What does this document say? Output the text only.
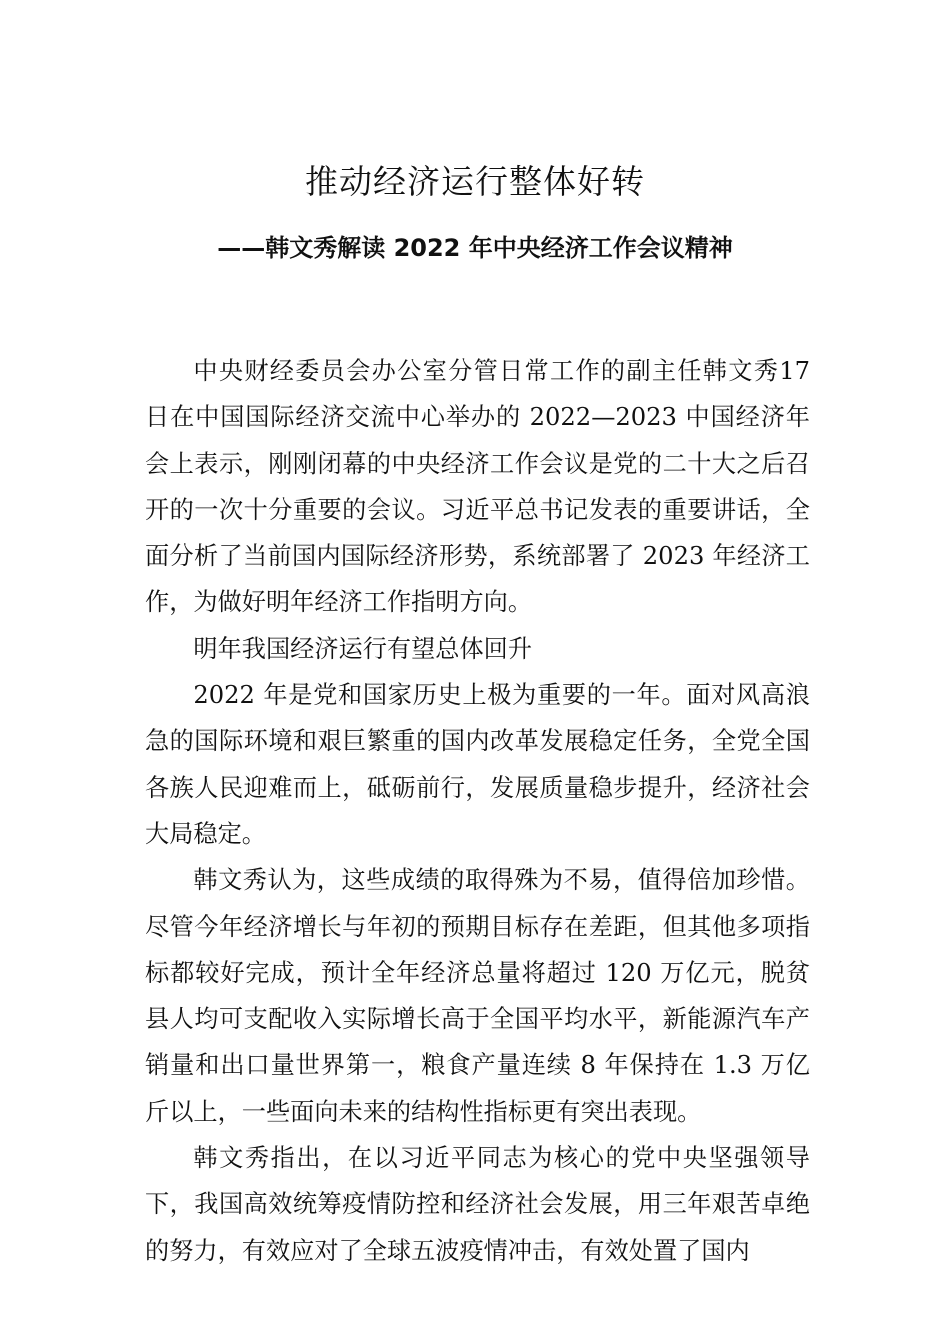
推动经济运行整体好转
——韩文秀解读 2022 年中央经济工作会议精神

中央财经委员会办公室分管日常工作的副主任韩文秀17 日在中国国际经济交流中心举办的 2022—2023 中国经济年会上表示，刚刚闭幕的中央经济工作会议是党的二十大之后召开的一次十分重要的会议。习近平总书记发表的重要讲话，全面分析了当前国内国际经济形势，系统部署了 2023 年经济工作，为做好明年经济工作指明方向。

明年我国经济运行有望总体回升

2022 年是党和国家历史上极为重要的一年。面对风高浪急的国际环境和艰巨繁重的国内改革发展稳定任务，全党全国各族人民迎难而上，砥砺前行，发展质量稳步提升，经济社会大局稳定。

韩文秀认为，这些成绩的取得殊为不易，值得倍加珍惜。尽管今年经济增长与年初的预期目标存在差距，但其他多项指标都较好完成，预计全年经济总量将超过 120 万亿元，脱贫县人均可支配收入实际增长高于全国平均水平，新能源汽车产销量和出口量世界第一，粮食产量连续 8 年保持在 1.3 万亿斤以上，一些面向未来的结构性指标更有突出表现。

韩文秀指出，在以习近平同志为核心的党中央坚强领导下，我国高效统筹疫情防控和经济社会发展，用三年艰苦卓绝的努力，有效应对了全球五波疫情冲击，有效处置了国内
